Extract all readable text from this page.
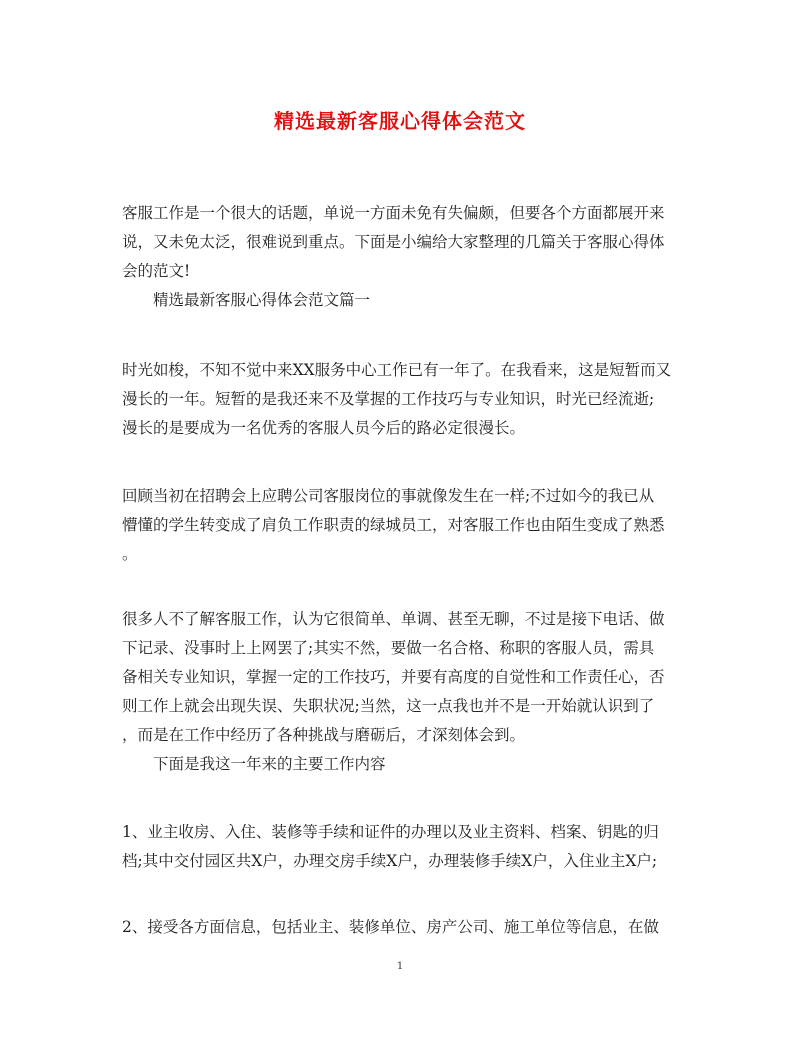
精选最新客服心得体会范文
客服工作是一个很大的话题，单说一方面未免有失偏颇，但要各个方面都展开来
说，又未免太泛，很难说到重点。下面是小编给大家整理的几篇关于客服心得体
会的范文!
精选最新客服心得体会范文篇一
时光如梭，不知不觉中来XX服务中心工作已有一年了。在我看来，这是短暂而又
漫长的一年。短暂的是我还来不及掌握的工作技巧与专业知识，时光已经流逝;
漫长的是要成为一名优秀的客服人员今后的路必定很漫长。
回顾当初在招聘会上应聘公司客服岗位的事就像发生在一样;不过如今的我已从
懵懂的学生转变成了肩负工作职责的绿城员工，对客服工作也由陌生变成了熟悉
。
很多人不了解客服工作，认为它很简单、单调、甚至无聊，不过是接下电话、做
下记录、没事时上上网罢了;其实不然，要做一名合格、称职的客服人员，需具
备相关专业知识，掌握一定的工作技巧，并要有高度的自觉性和工作责任心，否
则工作上就会出现失误、失职状况;当然，这一点我也并不是一开始就认识到了
，而是在工作中经历了各种挑战与磨砺后，才深刻体会到。
下面是我这一年来的主要工作内容
1、业主收房、入住、装修等手续和证件的办理以及业主资料、档案、钥匙的归
档;其中交付园区共X户，办理交房手续X户，办理装修手续X户，入住业主X户;
2、接受各方面信息，包括业主、装修单位、房产公司、施工单位等信息，在做

1
